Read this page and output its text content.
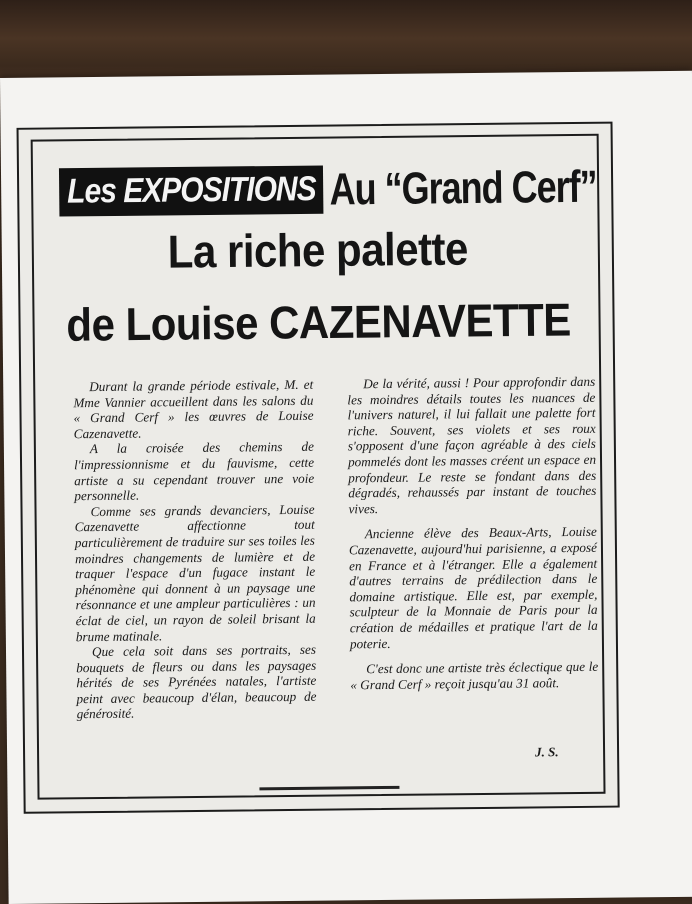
Les EXPOSITIONS Au “Grand Cerf”
La riche palette
de Louise CAZENAVETTE

Durant la grande période estivale, M. et Mme Vannier accueillent dans les salons du « Grand Cerf » les œuvres de Louise Cazenavette.

A la croisée des chemins de l'impressionnisme et du fauvisme, cette artiste a su cependant trouver une voie personnelle.

Comme ses grands devanciers, Louise Cazenavette affectionne tout particulièrement de traduire sur ses toiles les moindres changements de lumière et de traquer l'espace d'un fugace instant le phénomène qui donnent à un paysage une résonnance et une ampleur particulières : un éclat de ciel, un rayon de soleil brisant la brume matinale.

Que cela soit dans ses portraits, ses bouquets de fleurs ou dans les paysages hérités de ses Pyrénées natales, l'artiste peint avec beaucoup d'élan, beaucoup de générosité.

De la vérité, aussi ! Pour approfondir dans les moindres détails toutes les nuances de l'univers naturel, il lui fallait une palette fort riche. Souvent, ses violets et ses roux s'opposent d'une façon agréable à des ciels pommelés dont les masses créent un espace en profondeur. Le reste se fondant dans des dégradés, rehaussés par instant de touches vives.

Ancienne élève des Beaux-Arts, Louise Cazenavette, aujourd'hui parisienne, a exposé en France et à l'étranger. Elle a également d'autres terrains de prédilection dans le domaine artistique. Elle est, par exemple, sculpteur de la Monnaie de Paris pour la création de médailles et pratique l'art de la poterie.

C'est donc une artiste très éclectique que le « Grand Cerf » reçoit jusqu'au 31 août.

J. S.
